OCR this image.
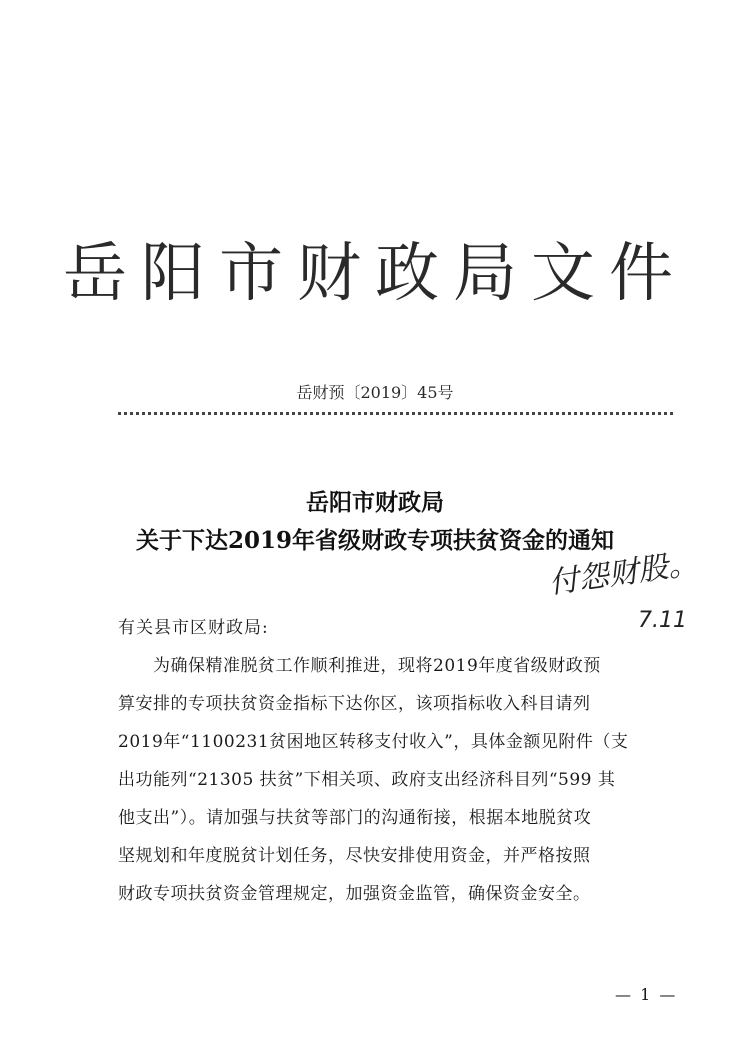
岳阳市财政局文件
岳财预〔2019〕45号
岳阳市财政局
关于下达2019年省级财政专项扶贫资金的通知
付怨财股。
7.11
有关县市区财政局:
　　为确保精准脱贫工作顺利推进，现将2019年度省级财政预
算安排的专项扶贫资金指标下达你区，该项指标收入科目请列
2019年“1100231贫困地区转移支付收入”，具体金额见附件（支
出功能列“21305 扶贫”下相关项、政府支出经济科目列“599 其
他支出”）。请加强与扶贫等部门的沟通衔接，根据本地脱贫攻
坚规划和年度脱贫计划任务，尽快安排使用资金，并严格按照
财政专项扶贫资金管理规定，加强资金监管，确保资金安全。
— 1 —
